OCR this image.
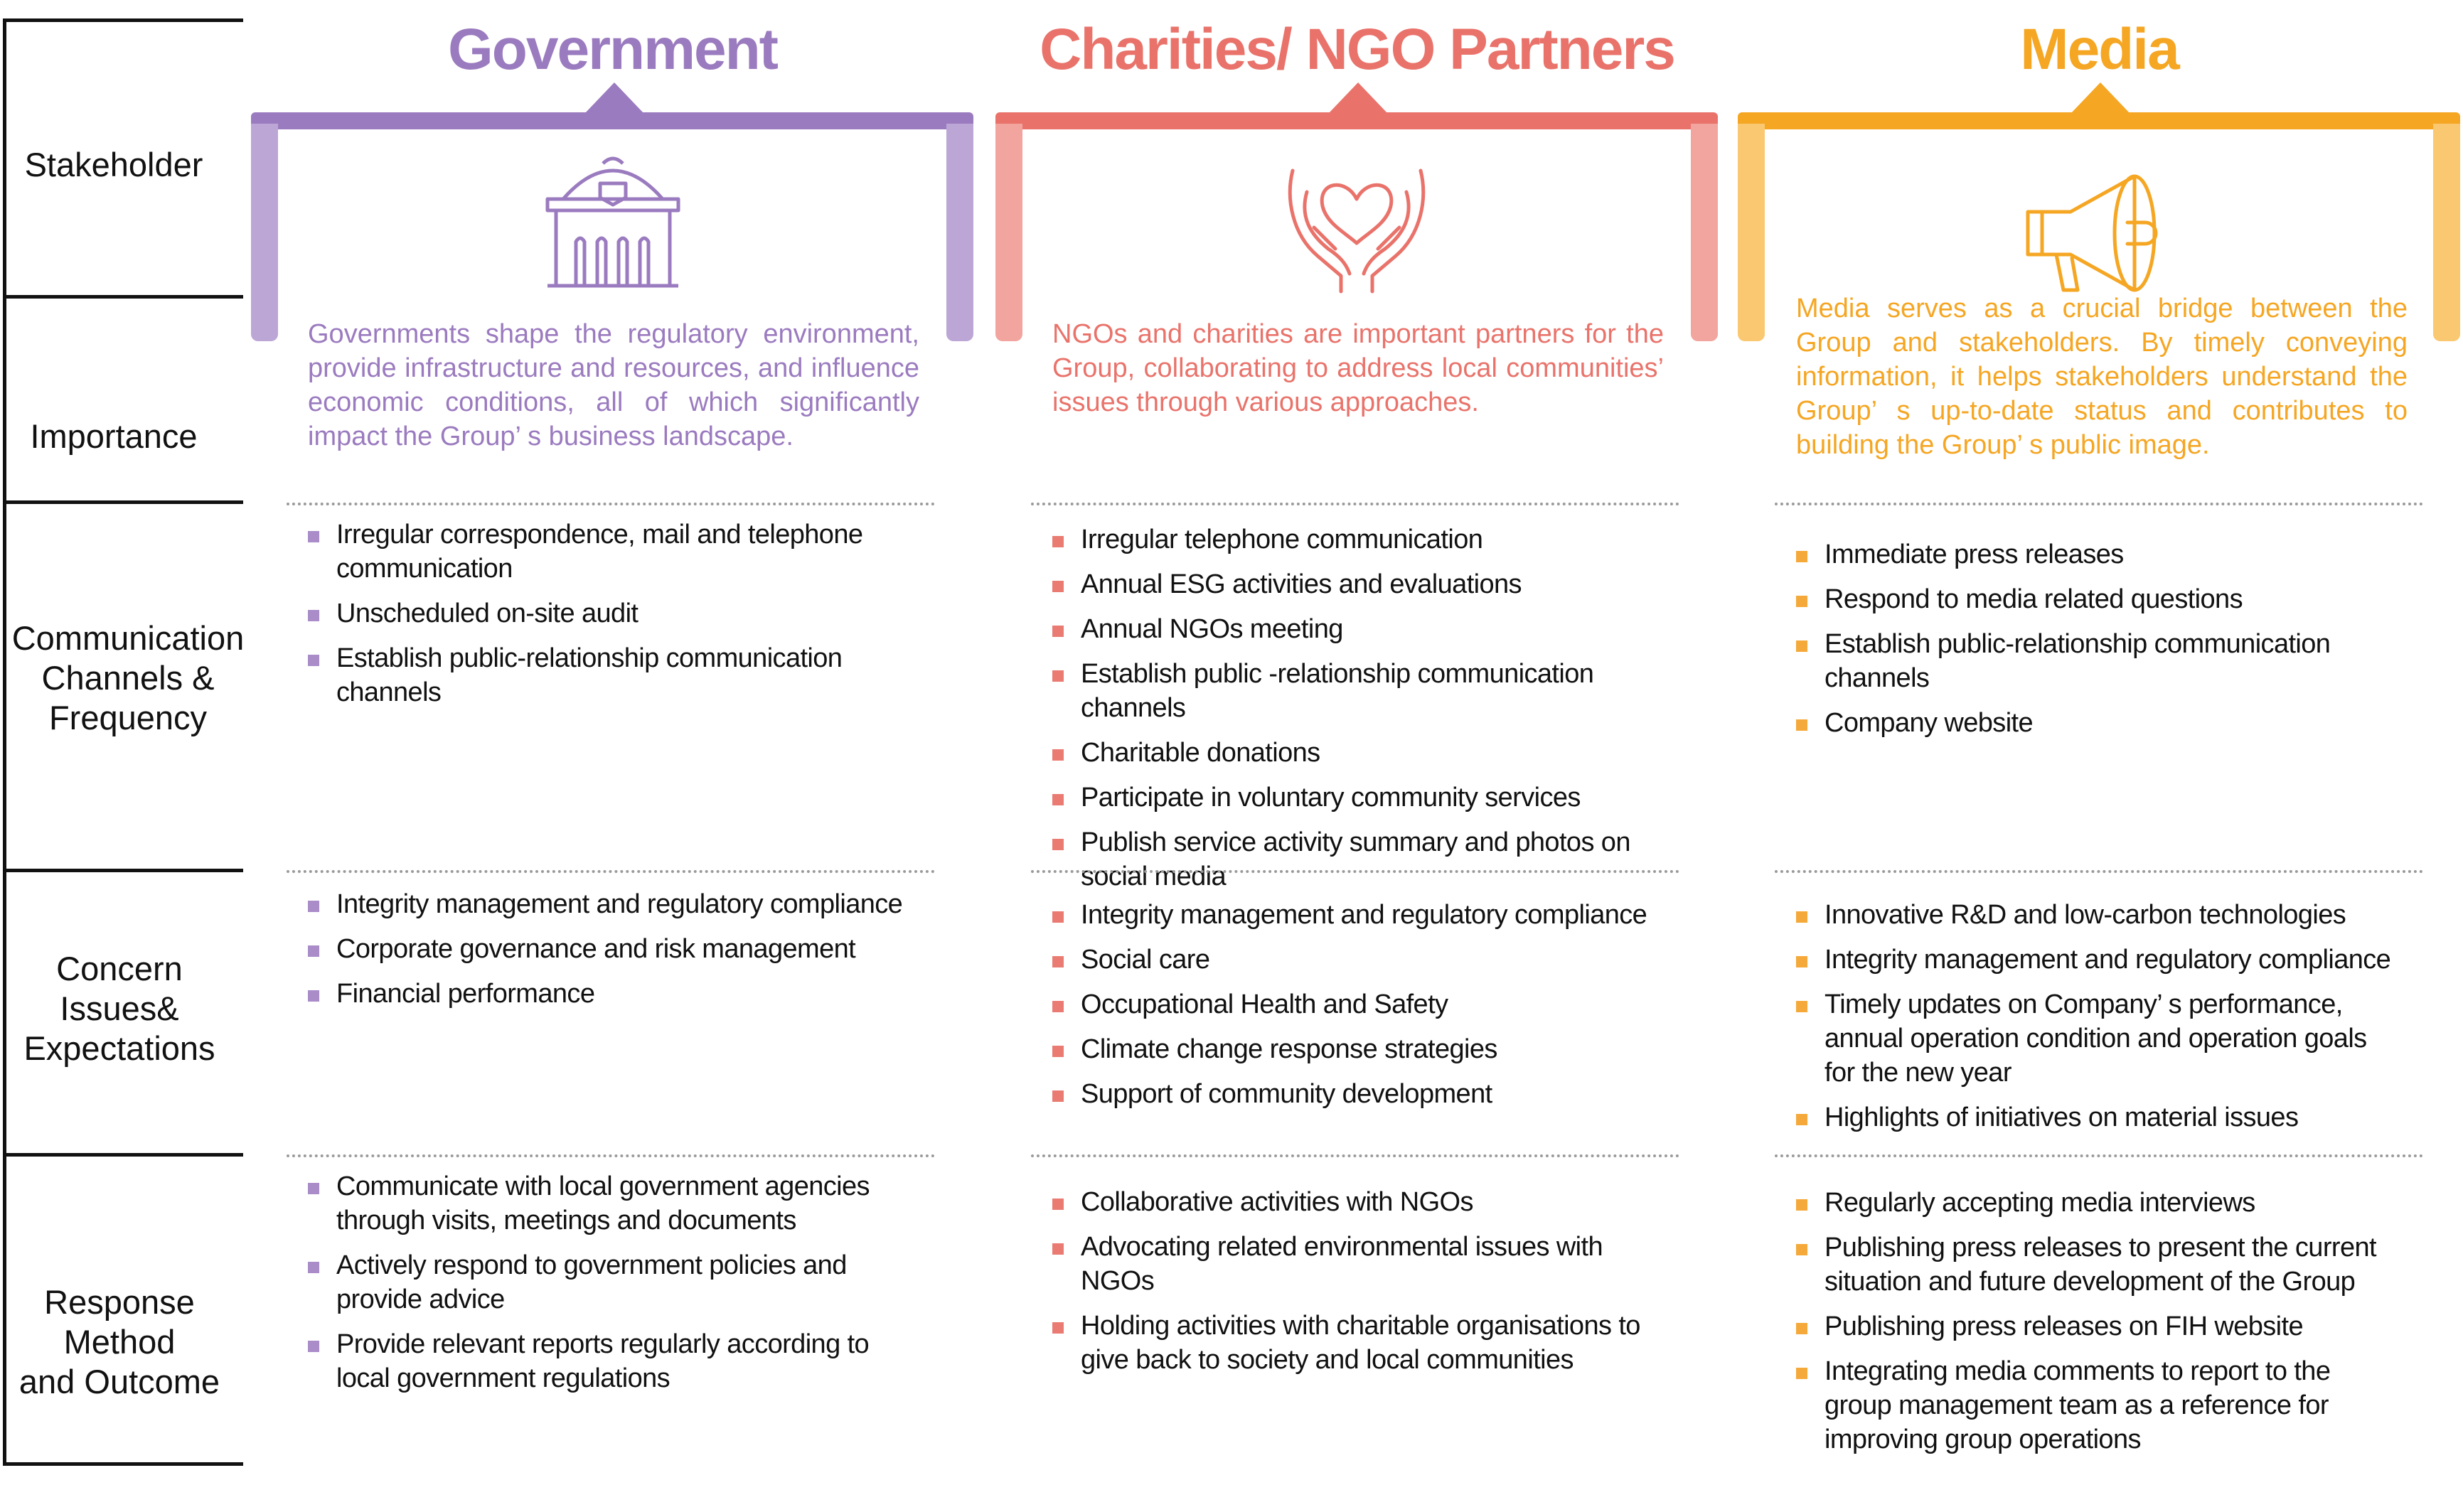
Stakeholder
Importance
Communication
Channels &
Frequency
Concern
Issues&
Expectations
Response
Method
and Outcome
Government
Governments shape the regulatory environment, provide infrastructure and resources, and influence economic conditions, all of which significantly impact the Group’ s business landscape.
Irregular correspondence, mail and telephone communication
Unscheduled on-site audit
Establish public-relationship communication channels
Integrity management and regulatory compliance
Corporate governance and risk management
Financial performance
Communicate with local government agencies through visits, meetings and documents
Actively respond to government policies and provide advice
Provide relevant reports regularly according to local government regulations
Charities/ NGO Partners
NGOs and charities are important partners for the Group, collaborating to address local communities’ issues through various approaches.
Irregular telephone communication
Annual ESG activities and evaluations
Annual NGOs meeting
Establish public -relationship communication channels
Charitable donations
Participate in voluntary community services
Publish service activity summary and photos on social media
Integrity management and regulatory compliance
Social care
Occupational Health and Safety
Climate change response strategies
Support of community development
Collaborative activities with NGOs
Advocating related environmental issues with NGOs
Holding activities with charitable organisations to give back to society and local communities
Media
Media serves as a crucial bridge between the Group and stakeholders. By timely conveying information, it helps stakeholders understand the Group’ s up-to-date status and contributes to building the Group’ s public image.
Immediate press releases
Respond to media related questions
Establish public-relationship communication channels
Company website
Innovative R&D and low-carbon technologies
Integrity management and regulatory compliance
Timely updates on Company’ s performance, annual operation condition and operation goals for the new year
Highlights of initiatives on material issues
Regularly accepting media interviews
Publishing press releases to present the current situation and future development of the Group
Publishing press releases on FIH website
Integrating media comments to report to the group management team as a reference for improving group operations
